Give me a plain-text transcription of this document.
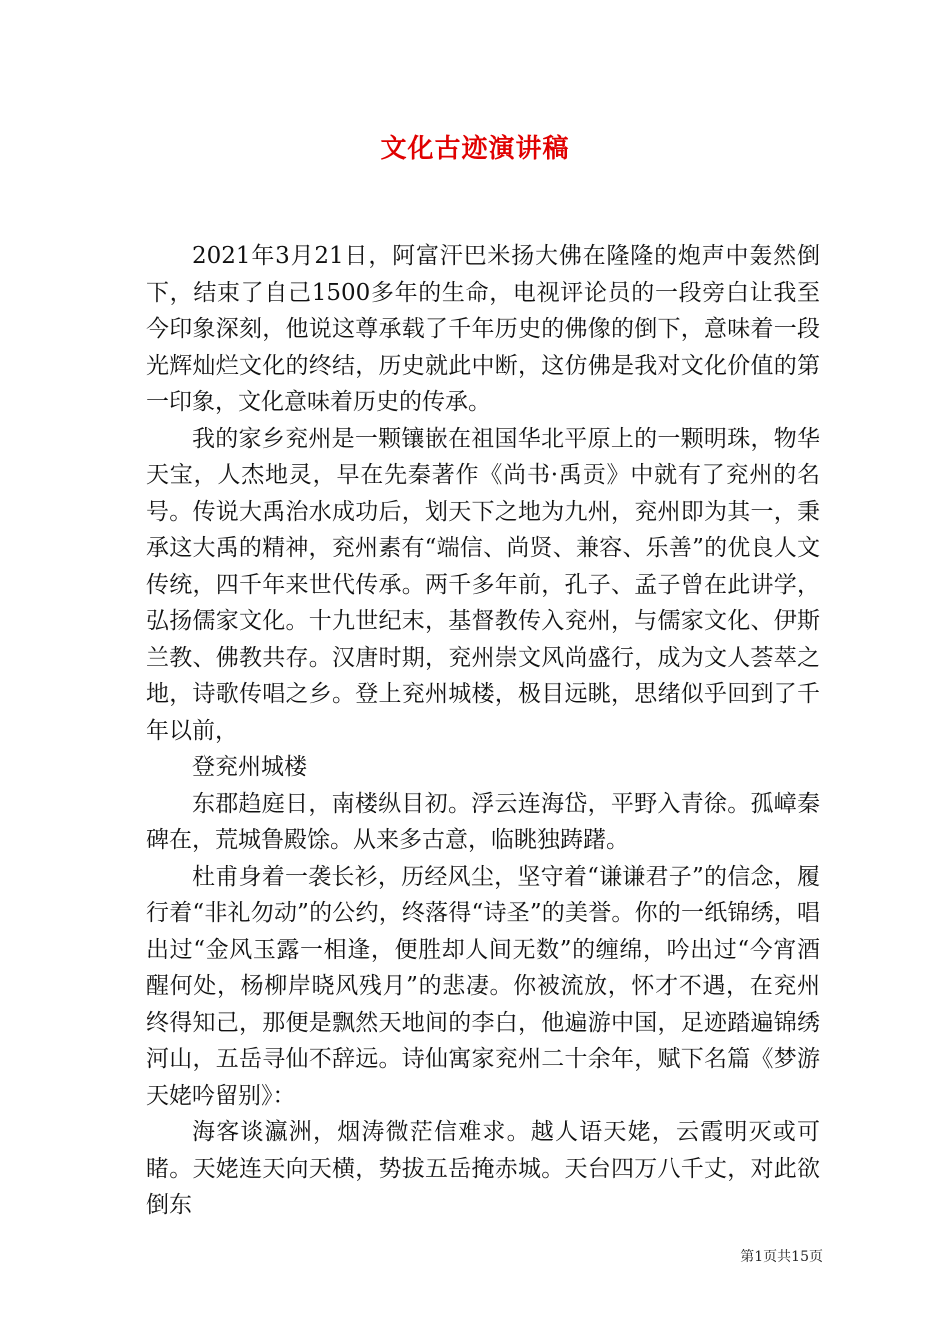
文化古迹演讲稿

2021年3月21日，阿富汗巴米扬大佛在隆隆的炮声中轰然倒下，结束了自己1500多年的生命，电视评论员的一段旁白让我至今印象深刻，他说这尊承载了千年历史的佛像的倒下，意味着一段光辉灿烂文化的终结，历史就此中断，这仿佛是我对文化价值的第一印象，文化意味着历史的传承。

我的家乡兖州是一颗镶嵌在祖国华北平原上的一颗明珠，物华天宝，人杰地灵，早在先秦著作《尚书·禹贡》中就有了兖州的名号。传说大禹治水成功后，划天下之地为九州，兖州即为其一，秉承这大禹的精神，兖州素有“端信、尚贤、兼容、乐善”的优良人文传统，四千年来世代传承。两千多年前，孔子、孟子曾在此讲学，弘扬儒家文化。十九世纪末，基督教传入兖州，与儒家文化、伊斯兰教、佛教共存。汉唐时期，兖州崇文风尚盛行，成为文人荟萃之地，诗歌传唱之乡。登上兖州城楼，极目远眺，思绪似乎回到了千年以前，

登兖州城楼

东郡趋庭日，南楼纵目初。浮云连海岱，平野入青徐。孤嶂秦碑在，荒城鲁殿馀。从来多古意，临眺独踌躇。

杜甫身着一袭长衫，历经风尘，坚守着“谦谦君子”的信念，履行着“非礼勿动”的公约，终落得“诗圣”的美誉。你的一纸锦绣，唱出过“金风玉露一相逢，便胜却人间无数”的缠绵，吟出过“今宵酒醒何处，杨柳岸晓风残月”的悲凄。你被流放，怀才不遇，在兖州终得知己，那便是飘然天地间的李白，他遍游中国，足迹踏遍锦绣河山，五岳寻仙不辞远。诗仙寓家兖州二十余年，赋下名篇《梦游天姥吟留别》：

海客谈瀛洲，烟涛微茫信难求。越人语天姥，云霞明灭或可睹。天姥连天向天横，势拔五岳掩赤城。天台四万八千丈，对此欲倒东

第1页共15页
